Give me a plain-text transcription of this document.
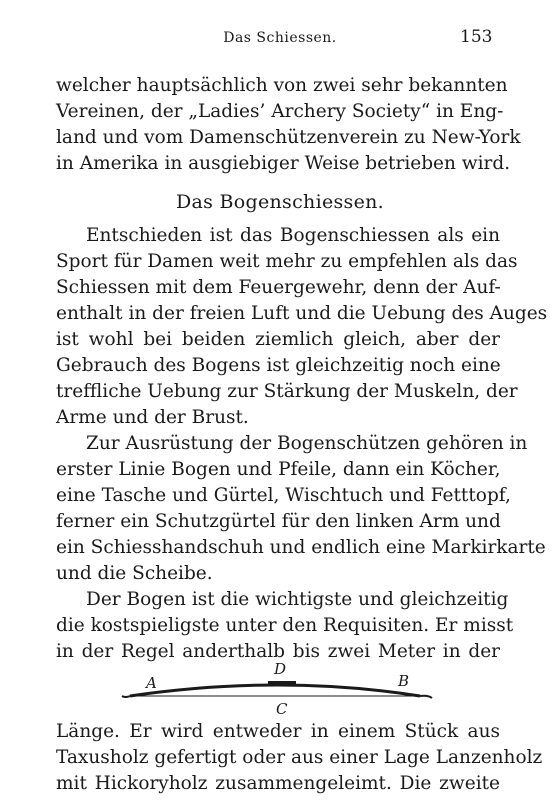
Das Schiessen.	153
welcher hauptsächlich von zwei sehr bekannten
Vereinen, der „Ladies’ Archery Society“ in Eng-
land und vom Damenschützenverein zu New-York
in Amerika in ausgiebiger Weise betrieben wird.
Das Bogenschiessen.
Entschieden ist das Bogenschiessen als ein
Sport für Damen weit mehr zu empfehlen als das
Schiessen mit dem Feuergewehr, denn der Auf-
enthalt in der freien Luft und die Uebung des Auges
ist wohl bei beiden ziemlich gleich, aber der
Gebrauch des Bogens ist gleichzeitig noch eine
treffliche Uebung zur Stärkung der Muskeln, der
Arme und der Brust.
Zur Ausrüstung der Bogenschützen gehören in
erster Linie Bogen und Pfeile, dann ein Köcher,
eine Tasche und Gürtel, Wischtuch und Fetttopf,
ferner ein Schutzgürtel für den linken Arm und
ein Schiesshandschuh und endlich eine Markirkarte
und die Scheibe.
Der Bogen ist die wichtigste und gleichzeitig
die kostspieligste unter den Requisiten. Er misst
in der Regel anderthalb bis zwei Meter in der
A	B
C
D
Länge. Er wird entweder in einem Stück aus
Taxusholz gefertigt oder aus einer Lage Lanzenholz
mit Hickoryholz zusammengeleimt. Die zweite
